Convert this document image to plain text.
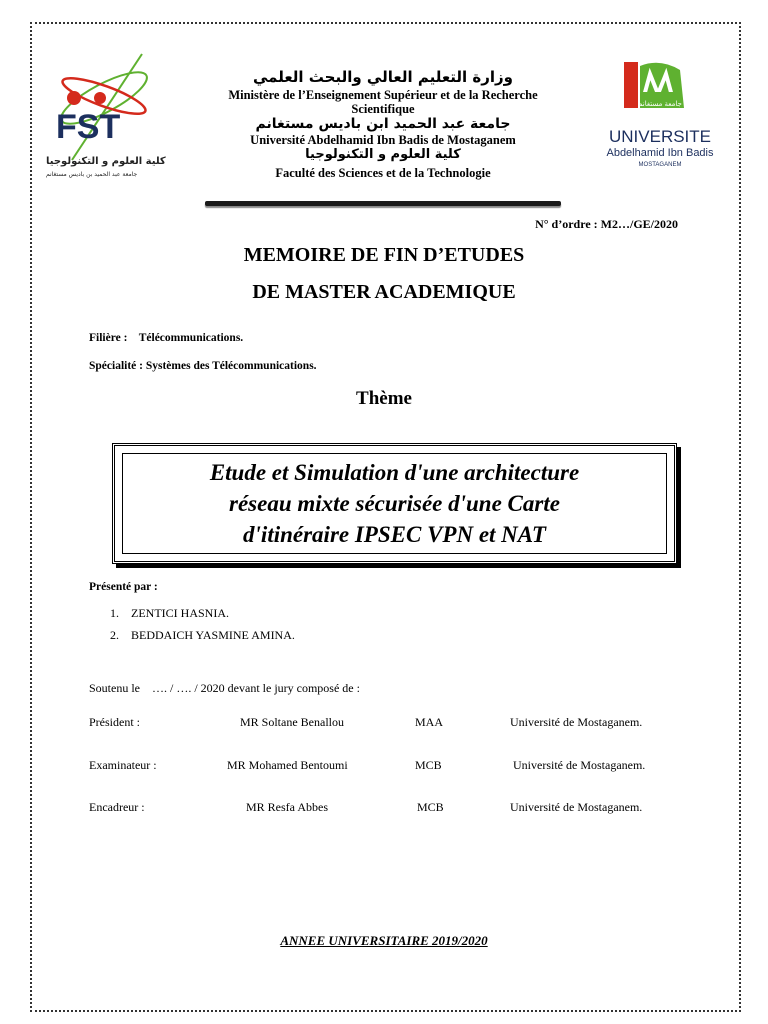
FST
كلية العلوم و التكنولوجيا
جامعة عبد الحميد بن باديس مستغانم
جامعة مستغانم
UNIVERSITE
Abdelhamid Ibn Badis
MOSTAGANEM
وزارة التعليم العالي والبحث العلمي
Ministère de l’Enseignement Supérieur et de la Recherche Scientifique
جامعة عبد الحميد ابن باديس مستغانم
Université Abdelhamid Ibn Badis de Mostaganem
كلية العلوم و التكنولوجيا
Faculté des Sciences et de la Technologie
N° d’ordre : M2…/GE/2020
MEMOIRE DE FIN D’ETUDES
DE MASTER ACADEMIQUE
Filière : Télécommunications.
Spécialité : Systèmes des Télécommunications.
Thème
Etude et Simulation d'une architecture
réseau mixte sécurisée d'une Carte
d'itinéraire IPSEC VPN et NAT
Présenté par :
1. ZENTICI HASNIA.
2. BEDDAICH YASMINE AMINA.
Soutenu le …. / …. / 2020 devant le jury composé de :
Président :	MR Soltane Benallou	MAA	Université de Mostaganem.
Examinateur :	MR Mohamed Bentoumi	MCB	Université de Mostaganem.
Encadreur :	MR Resfa Abbes	MCB	Université de Mostaganem.
ANNEE UNIVERSITAIRE 2019/2020
